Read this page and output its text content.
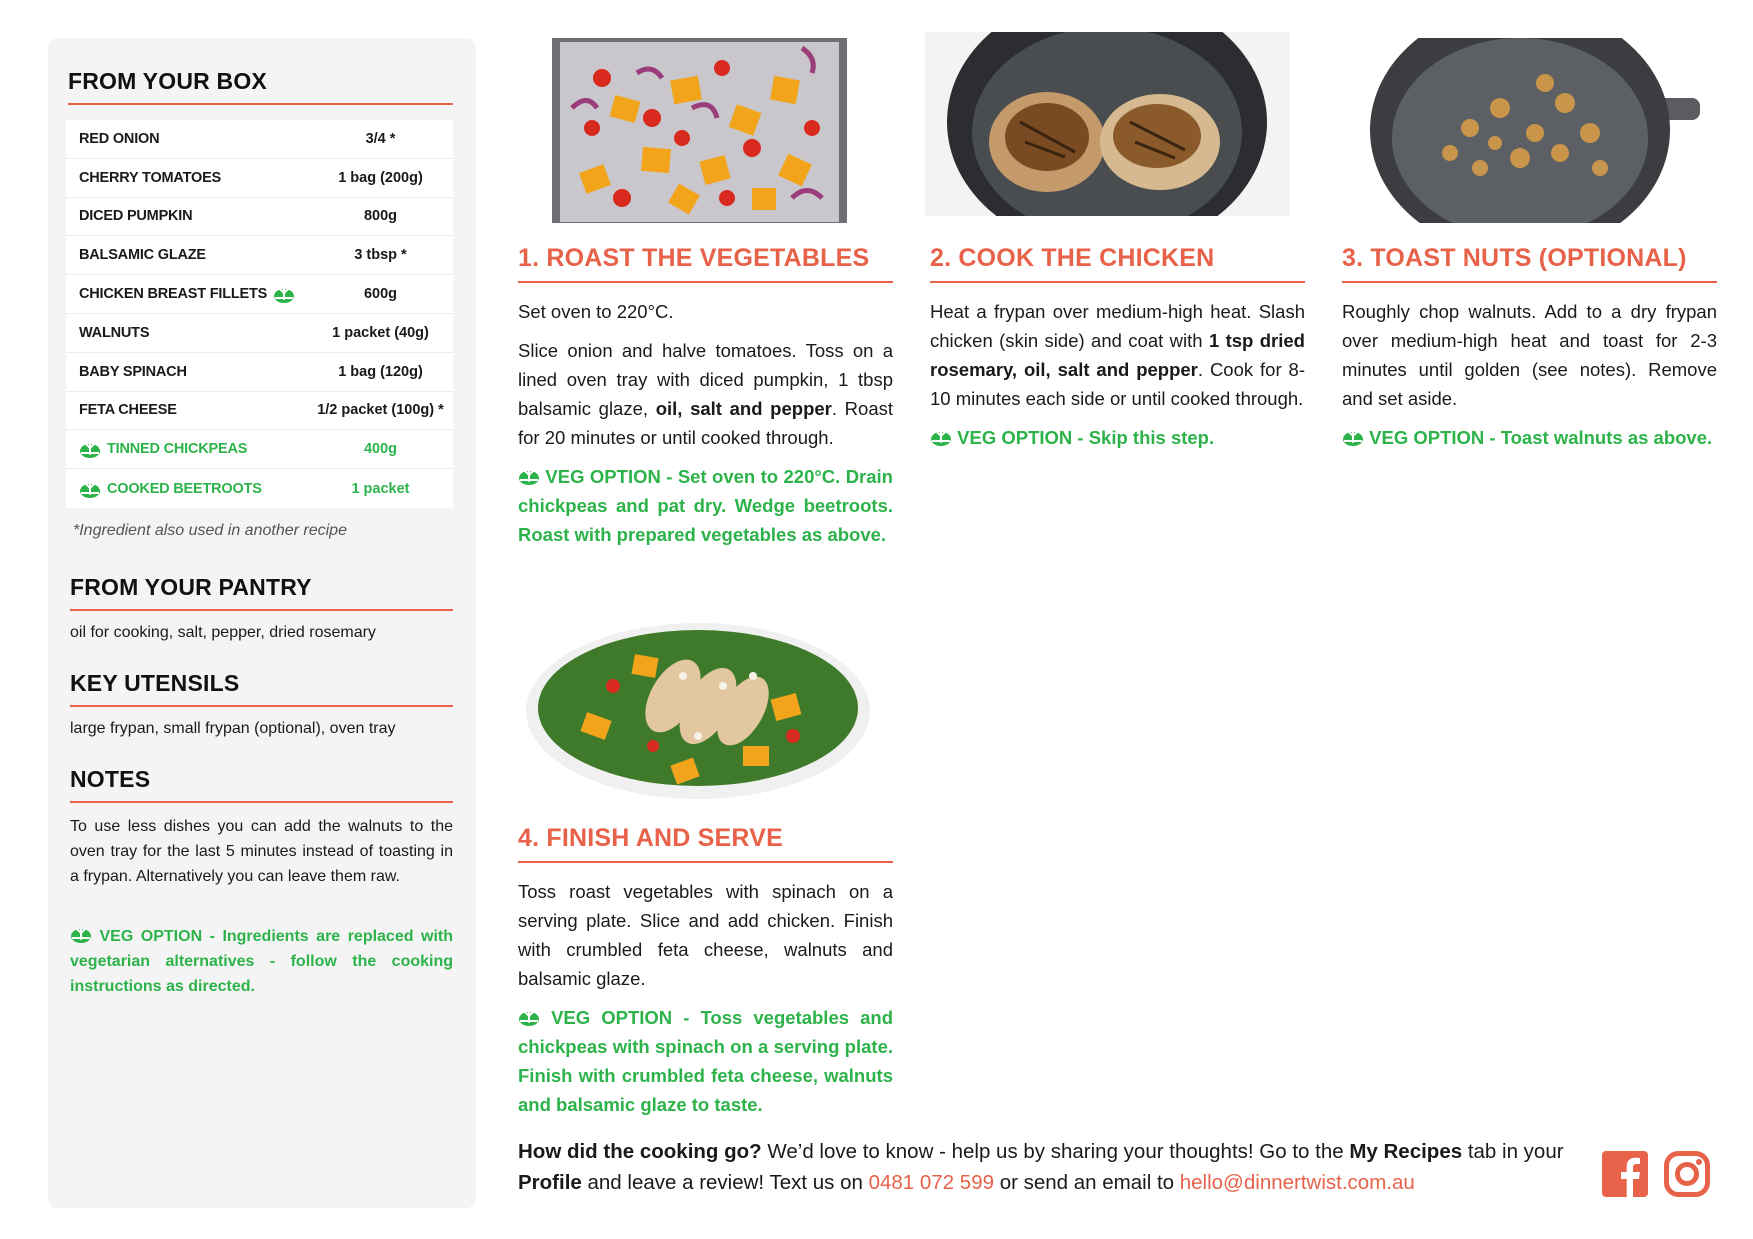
FROM YOUR BOX
RED ONION	3/4 *
CHERRY TOMATOES	1 bag (200g)
DICED PUMPKIN	800g
BALSAMIC GLAZE	3 tbsp *
CHICKEN BREAST FILLETS	600g
WALNUTS	1 packet (40g)
BABY SPINACH	1 bag (120g)
FETA CHEESE	1/2 packet (100g) *
TINNED CHICKPEAS	400g
COOKED BEETROOTS	1 packet
*Ingredient also used in another recipe
FROM YOUR PANTRY
oil for cooking, salt, pepper, dried rosemary
KEY UTENSILS
large frypan, small frypan (optional), oven tray
NOTES
To use less dishes you can add the walnuts to the oven tray for the last 5 minutes instead of toasting in a frypan. Alternatively you can leave them raw.
VEG OPTION - Ingredients are replaced with vegetarian alternatives - follow the cooking instructions as directed.
1. ROAST THE VEGETABLES

Set oven to 220°C.

Slice onion and halve tomatoes. Toss on a lined oven tray with diced pumpkin, 1 tbsp balsamic glaze, oil, salt and pepper. Roast for 20 minutes or until cooked through.

VEG OPTION - Set oven to 220°C. Drain chickpeas and pat dry. Wedge beetroots. Roast with prepared vegetables as above.

2. COOK THE CHICKEN

Heat a frypan over medium-high heat. Slash chicken (skin side) and coat with 1 tsp dried rosemary, oil, salt and pepper. Cook for 8-10 minutes each side or until cooked through.

VEG OPTION - Skip this step.

3. TOAST NUTS (OPTIONAL)

Roughly chop walnuts. Add to a dry frypan over medium-high heat and toast for 2-3 minutes until golden (see notes). Remove and set aside.

VEG OPTION - Toast walnuts as above.

4. FINISH AND SERVE

Toss roast vegetables with spinach on a serving plate. Slice and add chicken. Finish with crumbled feta cheese, walnuts and balsamic glaze.

VEG OPTION - Toss vegetables and chickpeas with spinach on a serving plate. Finish with crumbled feta cheese, walnuts and balsamic glaze to taste.

How did the cooking go? We’d love to know - help us by sharing your thoughts! Go to the My Recipes tab in your Profile and leave a review! Text us on 0481 072 599 or send an email to hello@dinnertwist.com.au
